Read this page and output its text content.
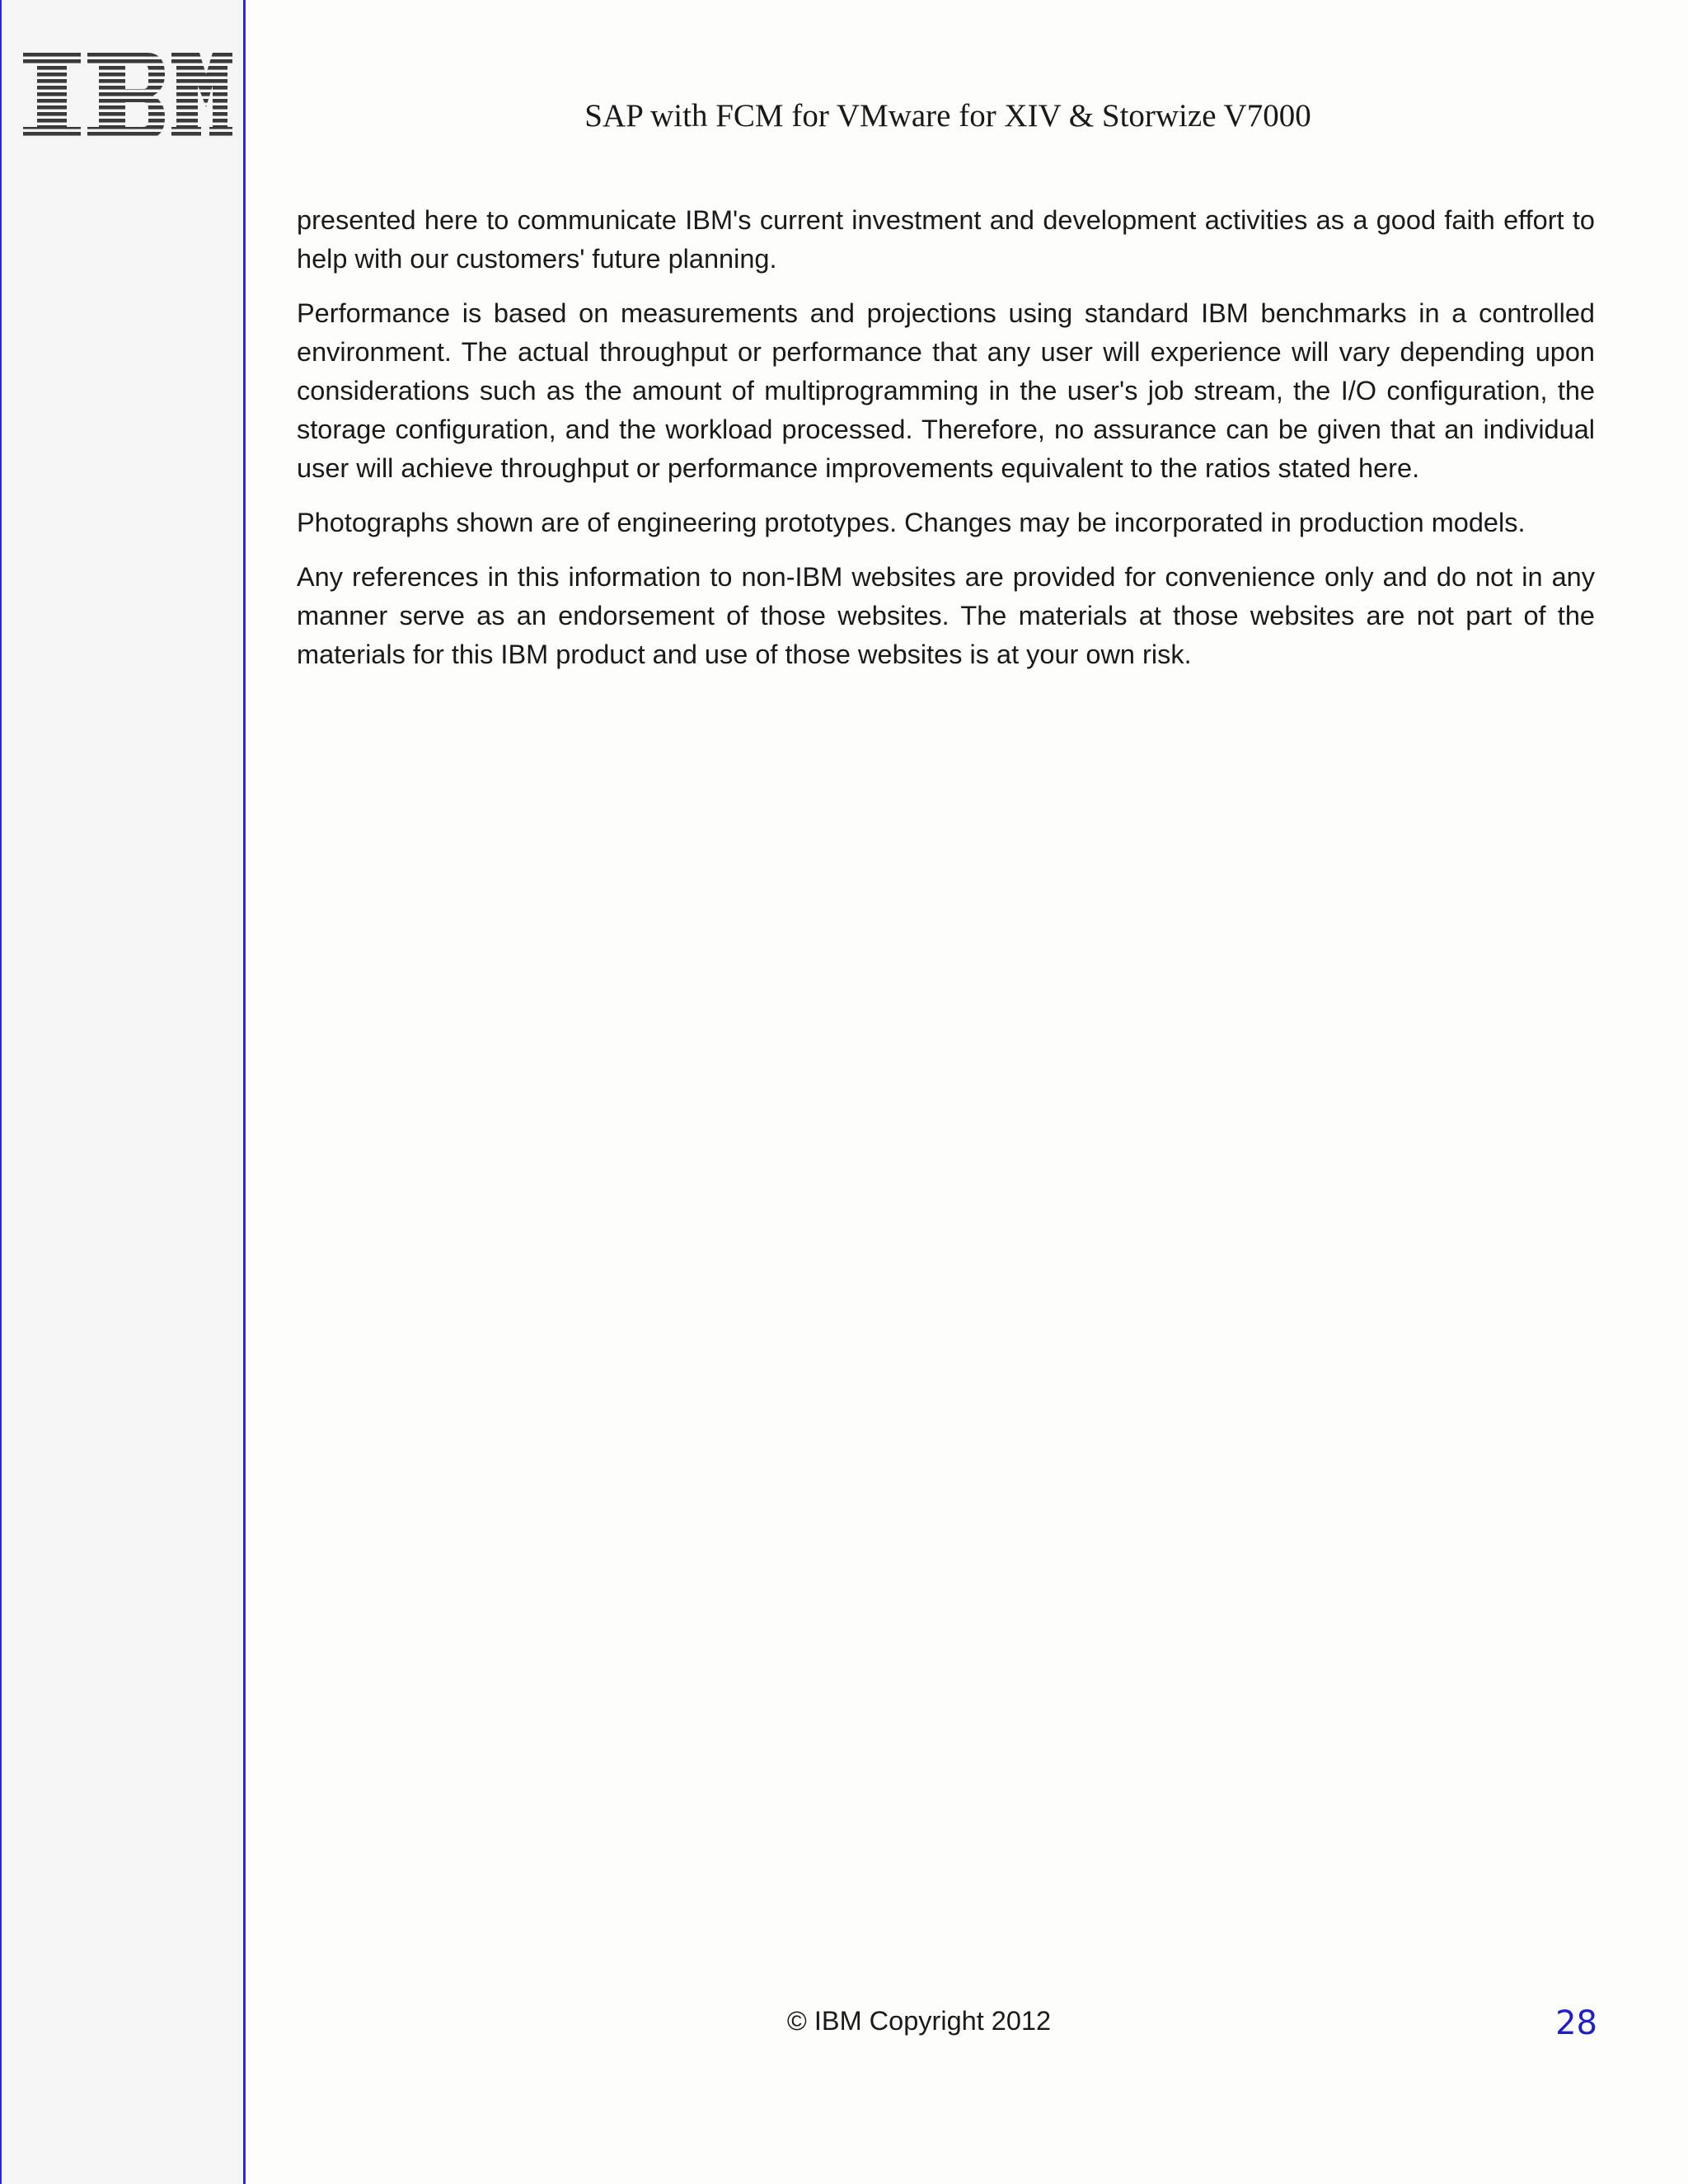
SAP with FCM for VMware for XIV & Storwize V7000

presented here to communicate IBM's current investment and development activities as a good faith effort to help with our customers' future planning.

Performance is based on measurements and projections using standard IBM benchmarks in a controlled environment. The actual throughput or performance that any user will experience will vary depending upon considerations such as the amount of multiprogramming in the user's job stream, the I/O configuration, the storage configuration, and the workload processed. Therefore, no assurance can be given that an individual user will achieve throughput or performance improvements equivalent to the ratios stated here.

Photographs shown are of engineering prototypes. Changes may be incorporated in production models.

Any references in this information to non-IBM websites are provided for convenience only and do not in any manner serve as an endorsement of those websites. The materials at those websites are not part of the materials for this IBM product and use of those websites is at your own risk.

© IBM Copyright 2012	28
